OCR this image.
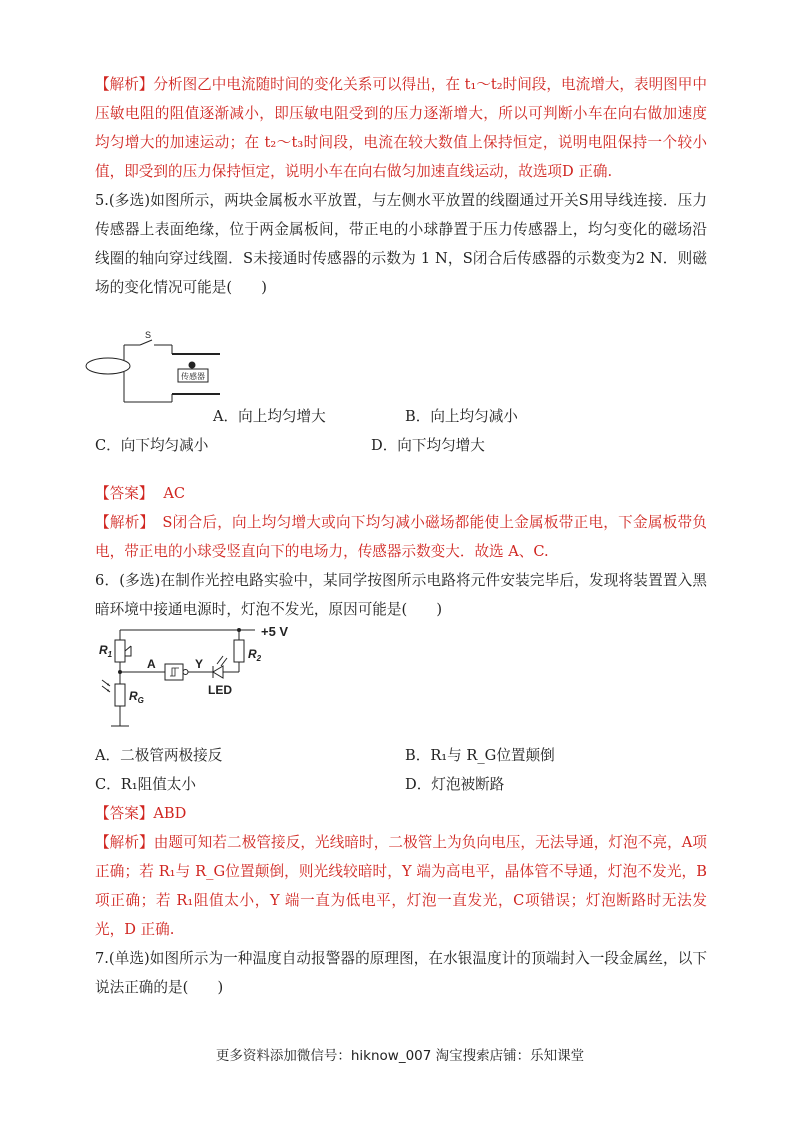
【解析】分析图乙中电流随时间的变化关系可以得出，在 t₁～t₂时间段，电流增大，表明图甲中压敏电阻的阻值逐渐减小，即压敏电阻受到的压力逐渐增大，所以可判断小车在向右做加速度均匀增大的加速运动；在 t₂～t₃时间段，电流在较大数值上保持恒定，说明电阻保持一个较小值，即受到的压力保持恒定，说明小车在向右做匀加速直线运动，故选项D 正确.

5.(多选)如图所示，两块金属板水平放置，与左侧水平放置的线圈通过开关S用导线连接．压力传感器上表面绝缘，位于两金属板间，带正电的小球静置于压力传感器上，均匀变化的磁场沿线圈的轴向穿过线圈．S未接通时传感器的示数为 1 N，S闭合后传感器的示数变为2 N．则磁场的变化情况可能是(　　)

S
传感器
A．向上均匀增大	B．向上均匀减小
C．向下均匀减小	D．向下均匀增大

【答案】 AC

【解析】 S闭合后，向上均匀增大或向下均匀减小磁场都能使上金属板带正电，下金属板带负电，带正电的小球受竖直向下的电场力，传感器示数变大．故选 A、C.

6．(多选)在制作光控电路实验中，某同学按图所示电路将元件安装完毕后，发现将装置置入黑暗环境中接通电源时，灯泡不发光，原因可能是(　　)

+5 V
$R_1$
$R_G$
A	Y
LED
$R_2$
A．二极管两极接反	B．R₁与 R_G位置颠倒
C．R₁阻值太小	D．灯泡被断路

【答案】ABD

【解析】由题可知若二极管接反，光线暗时，二极管上为负向电压，无法导通，灯泡不亮，A项正确；若 R₁与 R_G位置颠倒，则光线较暗时，Y 端为高电平，晶体管不导通，灯泡不发光，B 项正确；若 R₁阻值太小，Y 端一直为低电平，灯泡一直发光，C项错误；灯泡断路时无法发光，D 正确.

7.(单选)如图所示为一种温度自动报警器的原理图，在水银温度计的顶端封入一段金属丝，以下说法正确的是(　　)

更多资料添加微信号：hiknow_007 淘宝搜索店铺：乐知课堂
